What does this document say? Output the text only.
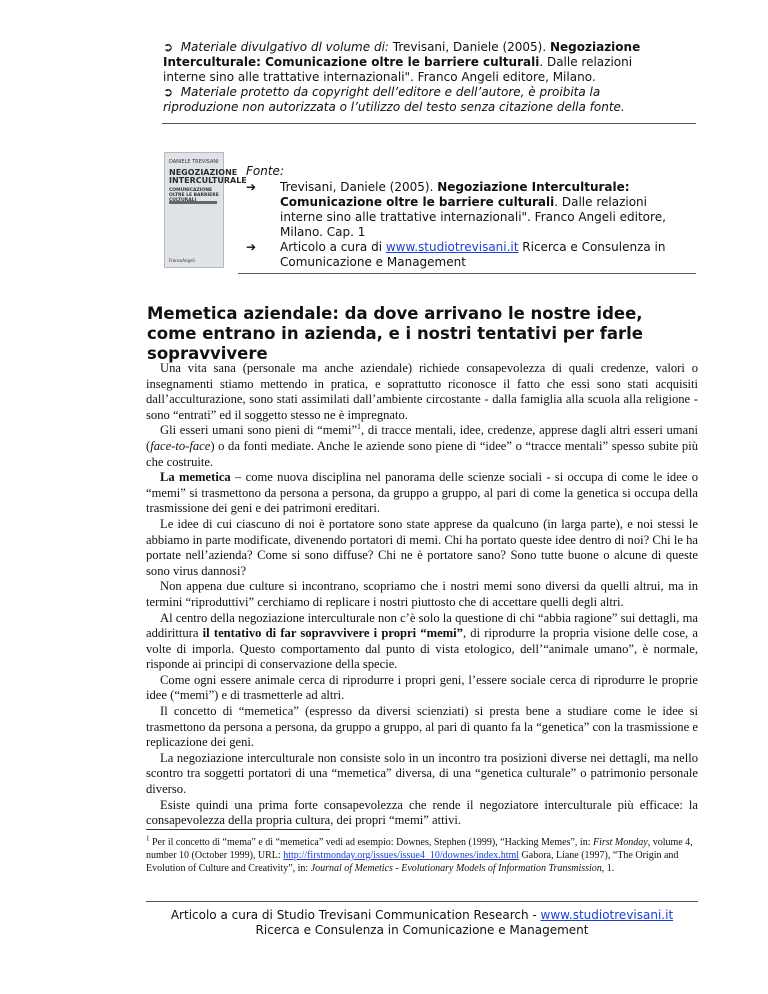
➲ Materiale divulgativo dl volume di: Trevisani, Daniele (2005). Negoziazione Interculturale: Comunicazione oltre le barriere culturali. Dalle relazioni interne sino alle trattative internazionali". Franco Angeli editore, Milano.
➲ Materiale protetto da copyright dell’editore e dell’autore, è proibita la riproduzione non autorizzata o l’utilizzo del testo senza citazione della fonte.
DANIELE TREVISANI
NEGOZIAZIONE INTERCULTURALE
COMUNICAZIONE OLTRE LE BARRIERE
FrancoAngeli
Fonte:
➔	Trevisani, Daniele (2005). Negoziazione Interculturale: Comunicazione oltre le barriere culturali. Dalle relazioni interne sino alle trattative internazionali". Franco Angeli editore, Milano. Cap. 1
➔	Articolo a cura di www.studiotrevisani.it Ricerca e Consulenza in Comunicazione e Management
Memetica aziendale: da dove arrivano le nostre idee, come entrano in azienda, e i nostri tentativi per farle sopravvivere

Una vita sana (personale ma anche aziendale) richiede consapevolezza di quali credenze, valori o insegnamenti stiamo mettendo in pratica, e soprattutto riconosce il fatto che essi sono stati acquisiti dall’acculturazione, sono stati assimilati dall’ambiente circostante - dalla famiglia alla scuola alla religione - sono “entrati” ed il soggetto stesso ne è impregnato.

Gli esseri umani sono pieni di “memi”$^1$, di tracce mentali, idee, credenze, apprese dagli altri esseri umani (face-to-face) o da fonti mediate. Anche le aziende sono piene di “idee” o “tracce mentali” spesso subite più che costruite.

La memetica – come nuova disciplina nel panorama delle scienze sociali - si occupa di come le idee o “memi” si trasmettono da persona a persona, da gruppo a gruppo, al pari di come la genetica si occupa della trasmissione dei geni e dei patrimoni ereditari.

Le idee di cui ciascuno di noi è portatore sono state apprese da qualcuno (in larga parte), e noi stessi le abbiamo in parte modificate, divenendo portatori di memi. Chi ha portato queste idee dentro di noi? Chi le ha portate nell’azienda? Come si sono diffuse? Chi ne è portatore sano? Sono tutte buone o alcune di queste sono virus dannosi?

Non appena due culture si incontrano, scopriamo che i nostri memi sono diversi da quelli altrui, ma in termini “riproduttivi” cerchiamo di replicare i nostri piuttosto che di accettare quelli degli altri.

Al centro della negoziazione interculturale non c’è solo la questione di chi “abbia ragione” sui dettagli, ma addirittura il tentativo di far sopravvivere i propri “memi”, di riprodurre la propria visione delle cose, a volte di imporla. Questo comportamento dal punto di vista etologico, dell’“animale umano”, è normale, risponde ai principi di conservazione della specie.

Come ogni essere animale cerca di riprodurre i propri geni, l’essere sociale cerca di riprodurre le proprie idee (“memi”) e di trasmetterle ad altri.

Il concetto di “memetica” (espresso da diversi scienziati) si presta bene a studiare come le idee si trasmettono da persona a persona, da gruppo a gruppo, al pari di quanto fa la “genetica” con la trasmissione e replicazione dei geni.

La negoziazione interculturale non consiste solo in un incontro tra posizioni diverse nei dettagli, ma nello scontro tra soggetti portatori di una “memetica” diversa, di una “genetica culturale” o patrimonio personale diverso.

Esiste quindi una prima forte consapevolezza che rende il negoziatore interculturale più efficace: la consapevolezza della propria cultura, dei propri “memi” attivi.

$^1$ Per il concetto di “mema” e di “memetica” vedi ad esempio: Downes, Stephen (1999), “Hacking Memes”, in: First Monday, volume 4, number 10 (October 1999), URL: http://firstmonday.org/issues/issue4_10/downes/index.html Gabora, Liane (1997), “The Origin and Evolution of Culture and Creativity”, in: Journal of Memetics - Evolutionary Models of Information Transmission, 1.
Articolo a cura di Studio Trevisani Communication Research - www.studiotrevisani.it
Ricerca e Consulenza in Comunicazione e Management
